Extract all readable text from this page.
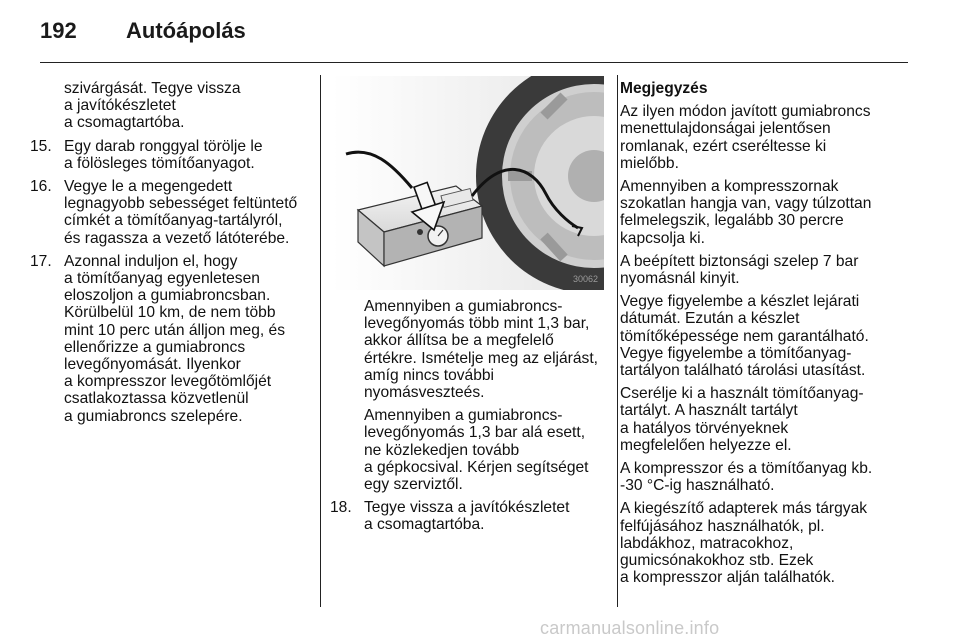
192 Autóápolás

szivárgását. Tegye vissza
a javítókészletet
a csomagtartóba.

15. Egy darab ronggyal törölje le
a fölösleges tömítőanyagot.
16. Vegye le a megengedett
legnagyobb sebességet feltüntető
címkét a tömítőanyag-tartályról,
és ragassza a vezető látóterébe.
17. Azonnal induljon el, hogy
a tömítőanyag egyenletesen
eloszoljon a gumiabroncsban.
Körülbelül 10 km, de nem több
mint 10 perc után álljon meg, és
ellenőrizze a gumiabroncs
levegőnyomását. Ilyenkor
a kompresszor levegőtömlőjét
csatlakoztassa közvetlenül
a gumiabroncs szelepére.
30062

Amennyiben a gumiabroncs-
levegőnyomás több mint 1,3 bar,
akkor állítsa be a megfelelő
értékre. Ismételje meg az eljárást,
amíg nincs további
nyomásveszteés.

Amennyiben a gumiabroncs-
levegőnyomás 1,3 bar alá esett,
ne közlekedjen tovább
a gépkocsival. Kérjen segítséget
egy szerviztől.

18. Tegye vissza a javítókészletet
a csomagtartóba.

Megjegyzés

Az ilyen módon javított gumiabroncs
menettulajdonságai jelentősen
romlanak, ezért cseréltesse ki
mielőbb.

Amennyiben a kompresszornak
szokatlan hangja van, vagy túlzottan
felmelegszik, legalább 30 percre
kapcsolja ki.

A beépített biztonsági szelep 7 bar
nyomásnál kinyit.

Vegye figyelembe a készlet lejárati
dátumát. Ezután a készlet
tömítőképessége nem garantálható.
Vegye figyelembe a tömítőanyag-
tartályon található tárolási utasítást.

Cserélje ki a használt tömítőanyag-
tartályt. A használt tartályt
a hatályos törvényeknek
megfelelően helyezze el.

A kompresszor és a tömítőanyag kb.
-30 °C-ig használható.

A kiegészítő adapterek más tárgyak
felfújásához használhatók, pl.
labdákhoz, matracokhoz,
gumicsónakokhoz stb. Ezek
a kompresszor alján találhatók.

carmanualsonline.info
